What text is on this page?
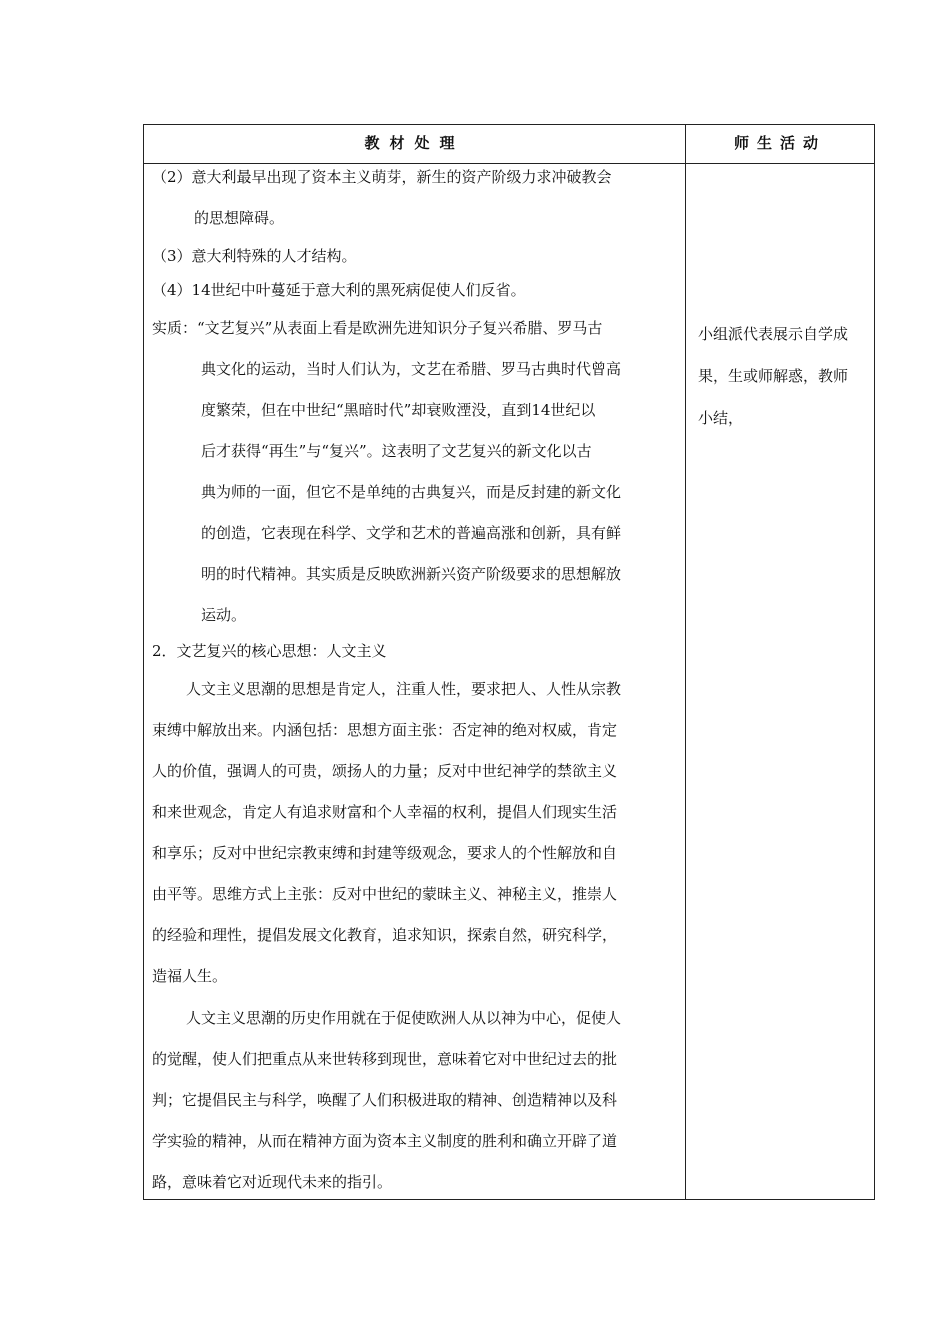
教材处理	师生活动
（2）意大利最早出现了资本主义萌芽，新生的资产阶级力求冲破教会
的思想障碍。
（3）意大利特殊的人才结构。
（4）14世纪中叶蔓延于意大利的黑死病促使人们反省。
实质：“文艺复兴”从表面上看是欧洲先进知识分子复兴希腊、罗马古
典文化的运动，当时人们认为，文艺在希腊、罗马古典时代曾高
度繁荣，但在中世纪“黑暗时代”却衰败湮没，直到14世纪以
后才获得“再生”与“复兴”。这表明了文艺复兴的新文化以古
典为师的一面，但它不是单纯的古典复兴，而是反封建的新文化
的创造，它表现在科学、文学和艺术的普遍高涨和创新，具有鲜
明的时代精神。其实质是反映欧洲新兴资产阶级要求的思想解放
运动。
2．文艺复兴的核心思想：人文主义
人文主义思潮的思想是肯定人，注重人性，要求把人、人性从宗教
束缚中解放出来。内涵包括：思想方面主张：否定神的绝对权威，肯定
人的价值，强调人的可贵，颂扬人的力量；反对中世纪神学的禁欲主义
和来世观念，肯定人有追求财富和个人幸福的权利，提倡人们现实生活
和享乐；反对中世纪宗教束缚和封建等级观念，要求人的个性解放和自
由平等。思维方式上主张：反对中世纪的蒙昧主义、神秘主义，推崇人
的经验和理性，提倡发展文化教育，追求知识，探索自然，研究科学，
造福人生。
人文主义思潮的历史作用就在于促使欧洲人从以神为中心，促使人
的觉醒，使人们把重点从来世转移到现世，意味着它对中世纪过去的批
判；它提倡民主与科学，唤醒了人们积极进取的精神、创造精神以及科
学实验的精神，从而在精神方面为资本主义制度的胜利和确立开辟了道
路，意味着它对近现代未来的指引。
小组派代表展示自学成
果，生或师解惑，教师
小结，
